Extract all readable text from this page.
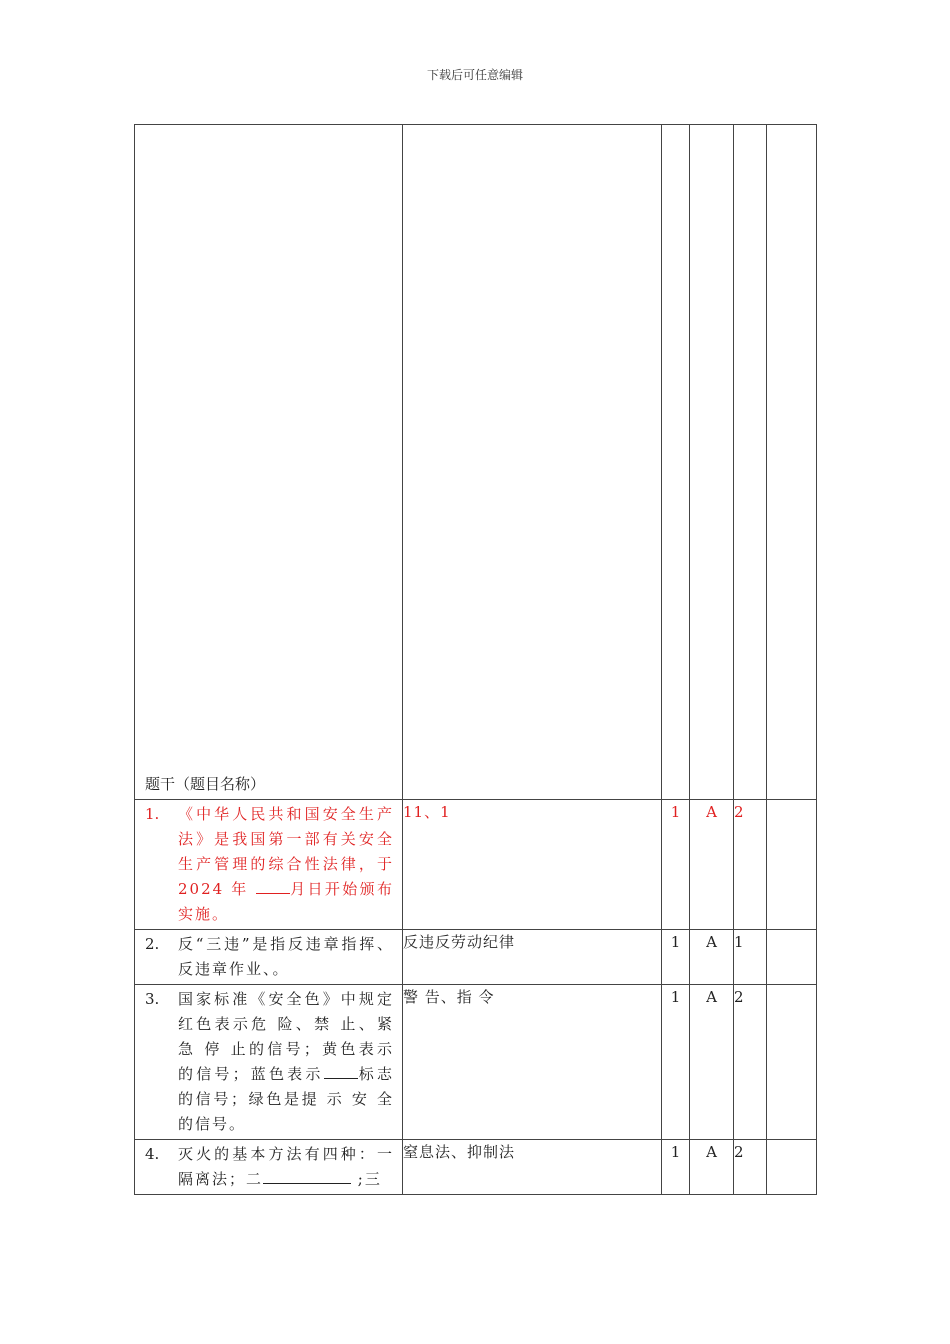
下载后可任意编辑
题干（题目名称）					

1. 《中华人民共和国安全生产法》是我国第一部有关安全生产管理的综合性法律，于 2024 年 月日开始颁布实施。	11、1	1	A	2	

2. 反“三违”是指反违章指挥、反违章作业、。	反违反劳动纪律	1	A	1	

3. 国家标准《安全色》中规定红色表示危 险、禁 止、紧急 停 止的信号；黄色表示的信号；蓝色表示 标志的信号；绿色是提 示 安 全的信号。	警 告、指 令	1	A	2	

4. 灭火的基本方法有四种：一隔离法；二 ;三	窒息法、抑制法	1	A	2	
